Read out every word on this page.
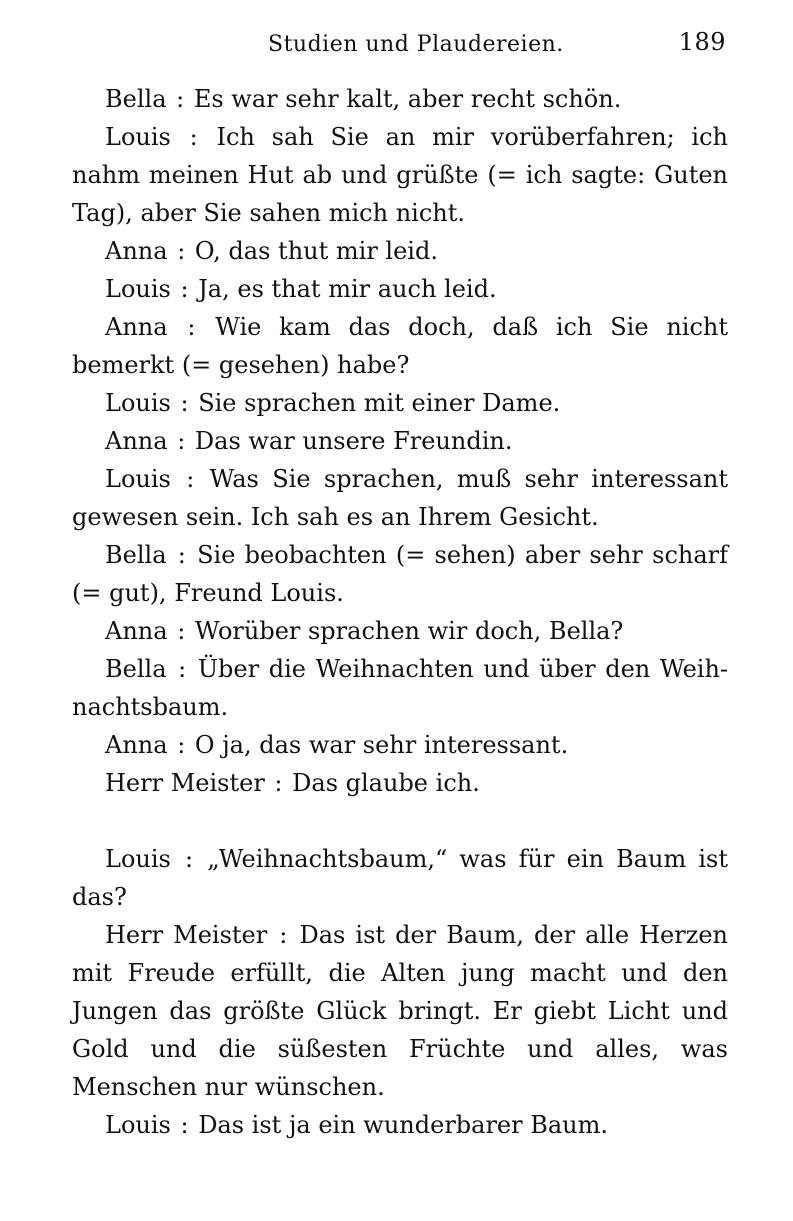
Studien und Plaudereien.	189

Bella : Es war sehr kalt, aber recht schön.

Louis : Ich sah Sie an mir vorüberfahren; ich nahm meinen Hut ab und grüßte (= ich sagte: Guten Tag), aber Sie sahen mich nicht.

Anna : O, das thut mir leid.

Louis : Ja, es that mir auch leid.

Anna : Wie kam das doch, daß ich Sie nicht bemerkt (= gesehen) habe?

Louis : Sie sprachen mit einer Dame.

Anna : Das war unsere Freundin.

Louis : Was Sie sprachen, muß sehr interessant gewesen sein. Ich sah es an Ihrem Gesicht.

Bella : Sie beobachten (= sehen) aber sehr scharf (= gut), Freund Louis.

Anna : Worüber sprachen wir doch, Bella?

Bella : Über die Weihnachten und über den Weihnachtsbaum.

Anna : O ja, das war sehr interessant.

Herr Meister : Das glaube ich.

Louis : „Weihnachtsbaum,“ was für ein Baum ist das?

Herr Meister : Das ist der Baum, der alle Herzen mit Freude erfüllt, die Alten jung macht und den Jungen das größte Glück bringt. Er giebt Licht und Gold und die süßesten Früchte und alles, was Menschen nur wünschen.

Louis : Das ist ja ein wunderbarer Baum.
